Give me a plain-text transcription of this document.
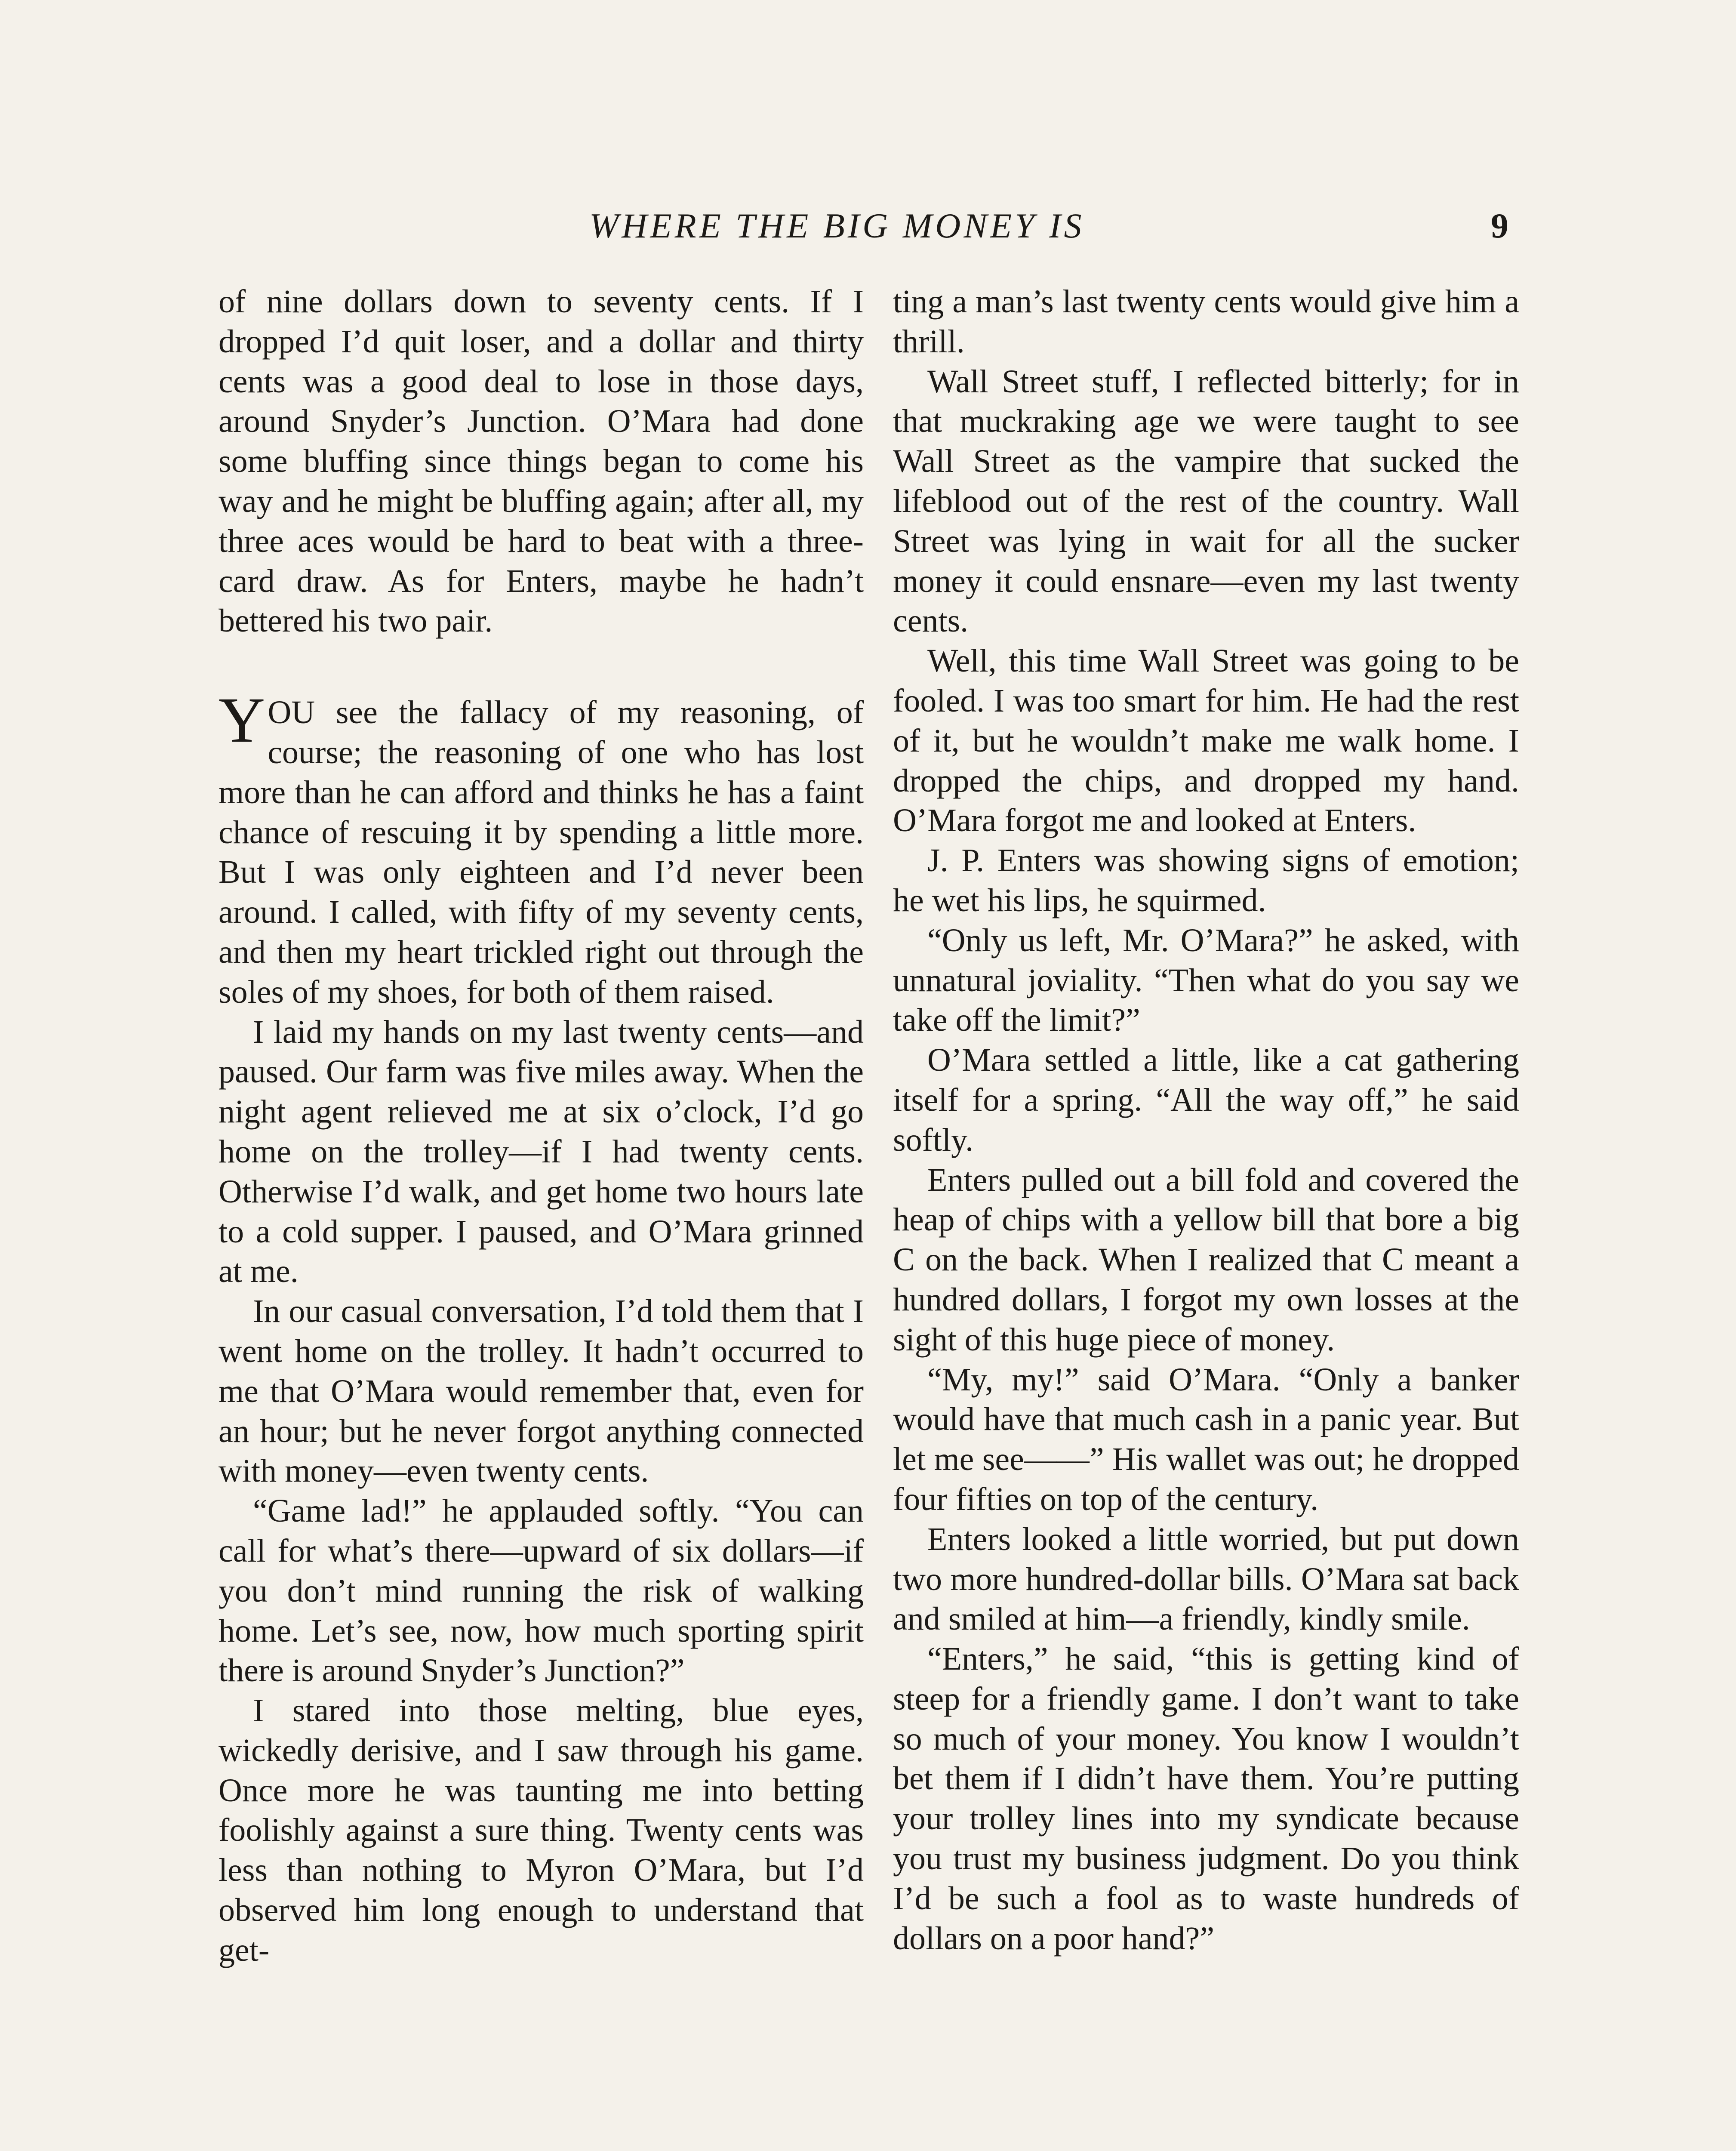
WHERE THE BIG MONEY IS	9

of nine dollars down to seventy cents. If I dropped I’d quit loser, and a dollar and thirty cents was a good deal to lose in those days, around Snyder’s Junction. O’Mara had done some bluffing since things began to come his way and he might be bluffing again; after all, my three aces would be hard to beat with a three-card draw. As for Enters, maybe he hadn’t bettered his two pair.

YOU see the fallacy of my reasoning, of course; the reasoning of one who has lost more than he can afford and thinks he has a faint chance of rescuing it by spending a little more. But I was only eighteen and I’d never been around. I called, with fifty of my seventy cents, and then my heart trickled right out through the soles of my shoes, for both of them raised.

I laid my hands on my last twenty cents—and paused. Our farm was five miles away. When the night agent relieved me at six o’clock, I’d go home on the trolley—if I had twenty cents. Otherwise I’d walk, and get home two hours late to a cold supper. I paused, and O’Mara grinned at me.

In our casual conversation, I’d told them that I went home on the trolley. It hadn’t occurred to me that O’Mara would remember that, even for an hour; but he never forgot anything connected with money—even twenty cents.

“Game lad!” he applauded softly. “You can call for what’s there—upward of six dollars—if you don’t mind running the risk of walking home. Let’s see, now, how much sporting spirit there is around Snyder’s Junction?”

I stared into those melting, blue eyes, wickedly derisive, and I saw through his game. Once more he was taunting me into betting foolishly against a sure thing. Twenty cents was less than nothing to Myron O’Mara, but I’d observed him long enough to understand that get-

ting a man’s last twenty cents would give him a thrill.

Wall Street stuff, I reflected bitterly; for in that muckraking age we were taught to see Wall Street as the vampire that sucked the lifeblood out of the rest of the country. Wall Street was lying in wait for all the sucker money it could ensnare—even my last twenty cents.

Well, this time Wall Street was going to be fooled. I was too smart for him. He had the rest of it, but he wouldn’t make me walk home. I dropped the chips, and dropped my hand. O’Mara forgot me and looked at Enters.

J. P. Enters was showing signs of emotion; he wet his lips, he squirmed.

“Only us left, Mr. O’Mara?” he asked, with unnatural joviality. “Then what do you say we take off the limit?”

O’Mara settled a little, like a cat gathering itself for a spring. “All the way off,” he said softly.

Enters pulled out a bill fold and covered the heap of chips with a yellow bill that bore a big C on the back. When I realized that C meant a hundred dollars, I forgot my own losses at the sight of this huge piece of money.

“My, my!” said O’Mara. “Only a banker would have that much cash in a panic year. But let me see——” His wallet was out; he dropped four fifties on top of the century.

Enters looked a little worried, but put down two more hundred-dollar bills. O’Mara sat back and smiled at him—a friendly, kindly smile.

“Enters,” he said, “this is getting kind of steep for a friendly game. I don’t want to take so much of your money. You know I wouldn’t bet them if I didn’t have them. You’re putting your trolley lines into my syndicate because you trust my business judgment. Do you think I’d be such a fool as to waste hundreds of dollars on a poor hand?”
